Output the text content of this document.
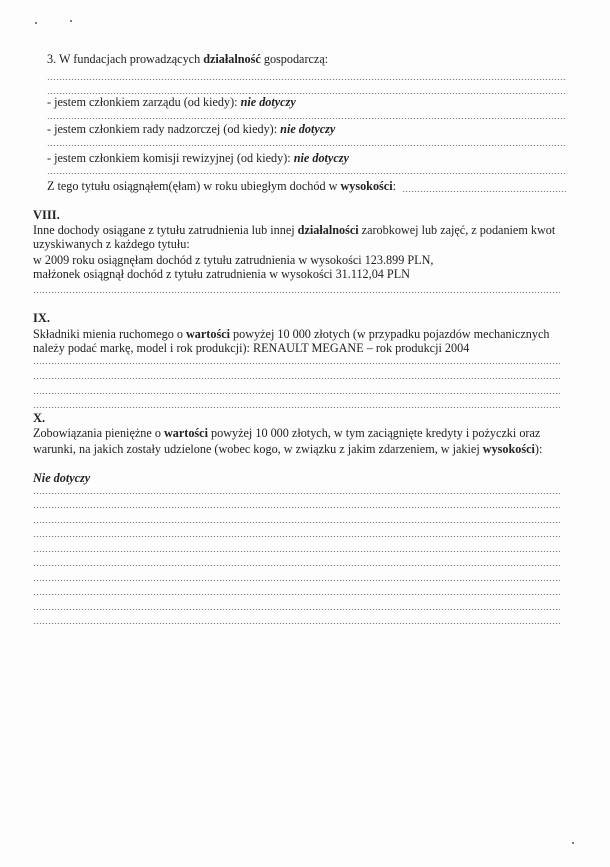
3. W fundacjach prowadzących działalność gospodarczą:
- jestem członkiem zarządu (od kiedy): nie dotyczy
- jestem członkiem rady nadzorczej (od kiedy): nie dotyczy
- jestem członkiem komisji rewizyjnej (od kiedy): nie dotyczy
Z tego tytułu osiągnąłem(ęłam) w roku ubiegłym dochód w wysokości:
VIII.
Inne dochody osiągane z tytułu zatrudnienia lub innej działalności zarobkowej lub zajęć, z podaniem kwot
uzyskiwanych z każdego tytułu:
w 2009 roku osiągnęłam dochód z tytułu zatrudnienia w wysokości 123.899 PLN,
małżonek osiągnął dochód z tytułu zatrudnienia w wysokości 31.112,04 PLN
IX.
Składniki mienia ruchomego o wartości powyżej 10 000 złotych (w przypadku pojazdów mechanicznych
należy podać markę, model i rok produkcji): RENAULT MEGANE – rok produkcji 2004
X.
Zobowiązania pieniężne o wartości powyżej 10 000 złotych, w tym zaciągnięte kredyty i pożyczki oraz
warunki, na jakich zostały udzielone (wobec kogo, w związku z jakim zdarzeniem, w jakiej wysokości):
Nie dotyczy
